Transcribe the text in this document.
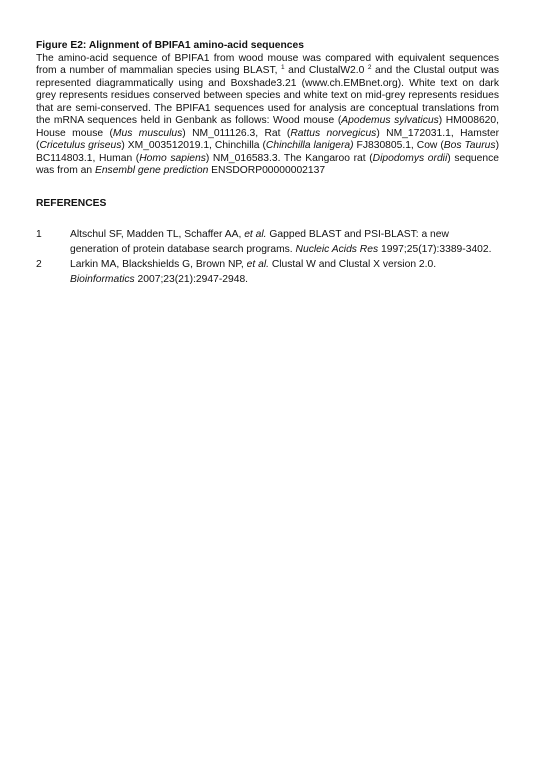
Figure E2: Alignment of BPIFA1 amino-acid sequences

The amino-acid sequence of BPIFA1 from wood mouse was compared with equivalent sequences from a number of mammalian species using BLAST, $^1$ and ClustalW2.0 $^2$ and the Clustal output was represented diagrammatically using and Boxshade3.21 (www.ch.EMBnet.org). White text on dark grey represents residues conserved between species and white text on mid-grey represents residues that are semi-conserved. The BPIFA1 sequences used for analysis are conceptual translations from the mRNA sequences held in Genbank as follows: Wood mouse (Apodemus sylvaticus) HM008620, House mouse (Mus musculus) NM_011126.3, Rat (Rattus norvegicus) NM_172031.1, Hamster (Cricetulus griseus) XM_003512019.1, Chinchilla (Chinchilla lanigera) FJ830805.1, Cow (Bos Taurus) BC114803.1, Human (Homo sapiens) NM_016583.3. The Kangaroo rat (Dipodomys ordii) sequence was from an Ensembl gene prediction ENSDORP00000002137

REFERENCES

1	Altschul SF, Madden TL, Schaffer AA, et al. Gapped BLAST and PSI-BLAST: a new generation of protein database search programs. Nucleic Acids Res 1997;25(17):3389-3402.
2	Larkin MA, Blackshields G, Brown NP, et al. Clustal W and Clustal X version 2.0. Bioinformatics 2007;23(21):2947-2948.
